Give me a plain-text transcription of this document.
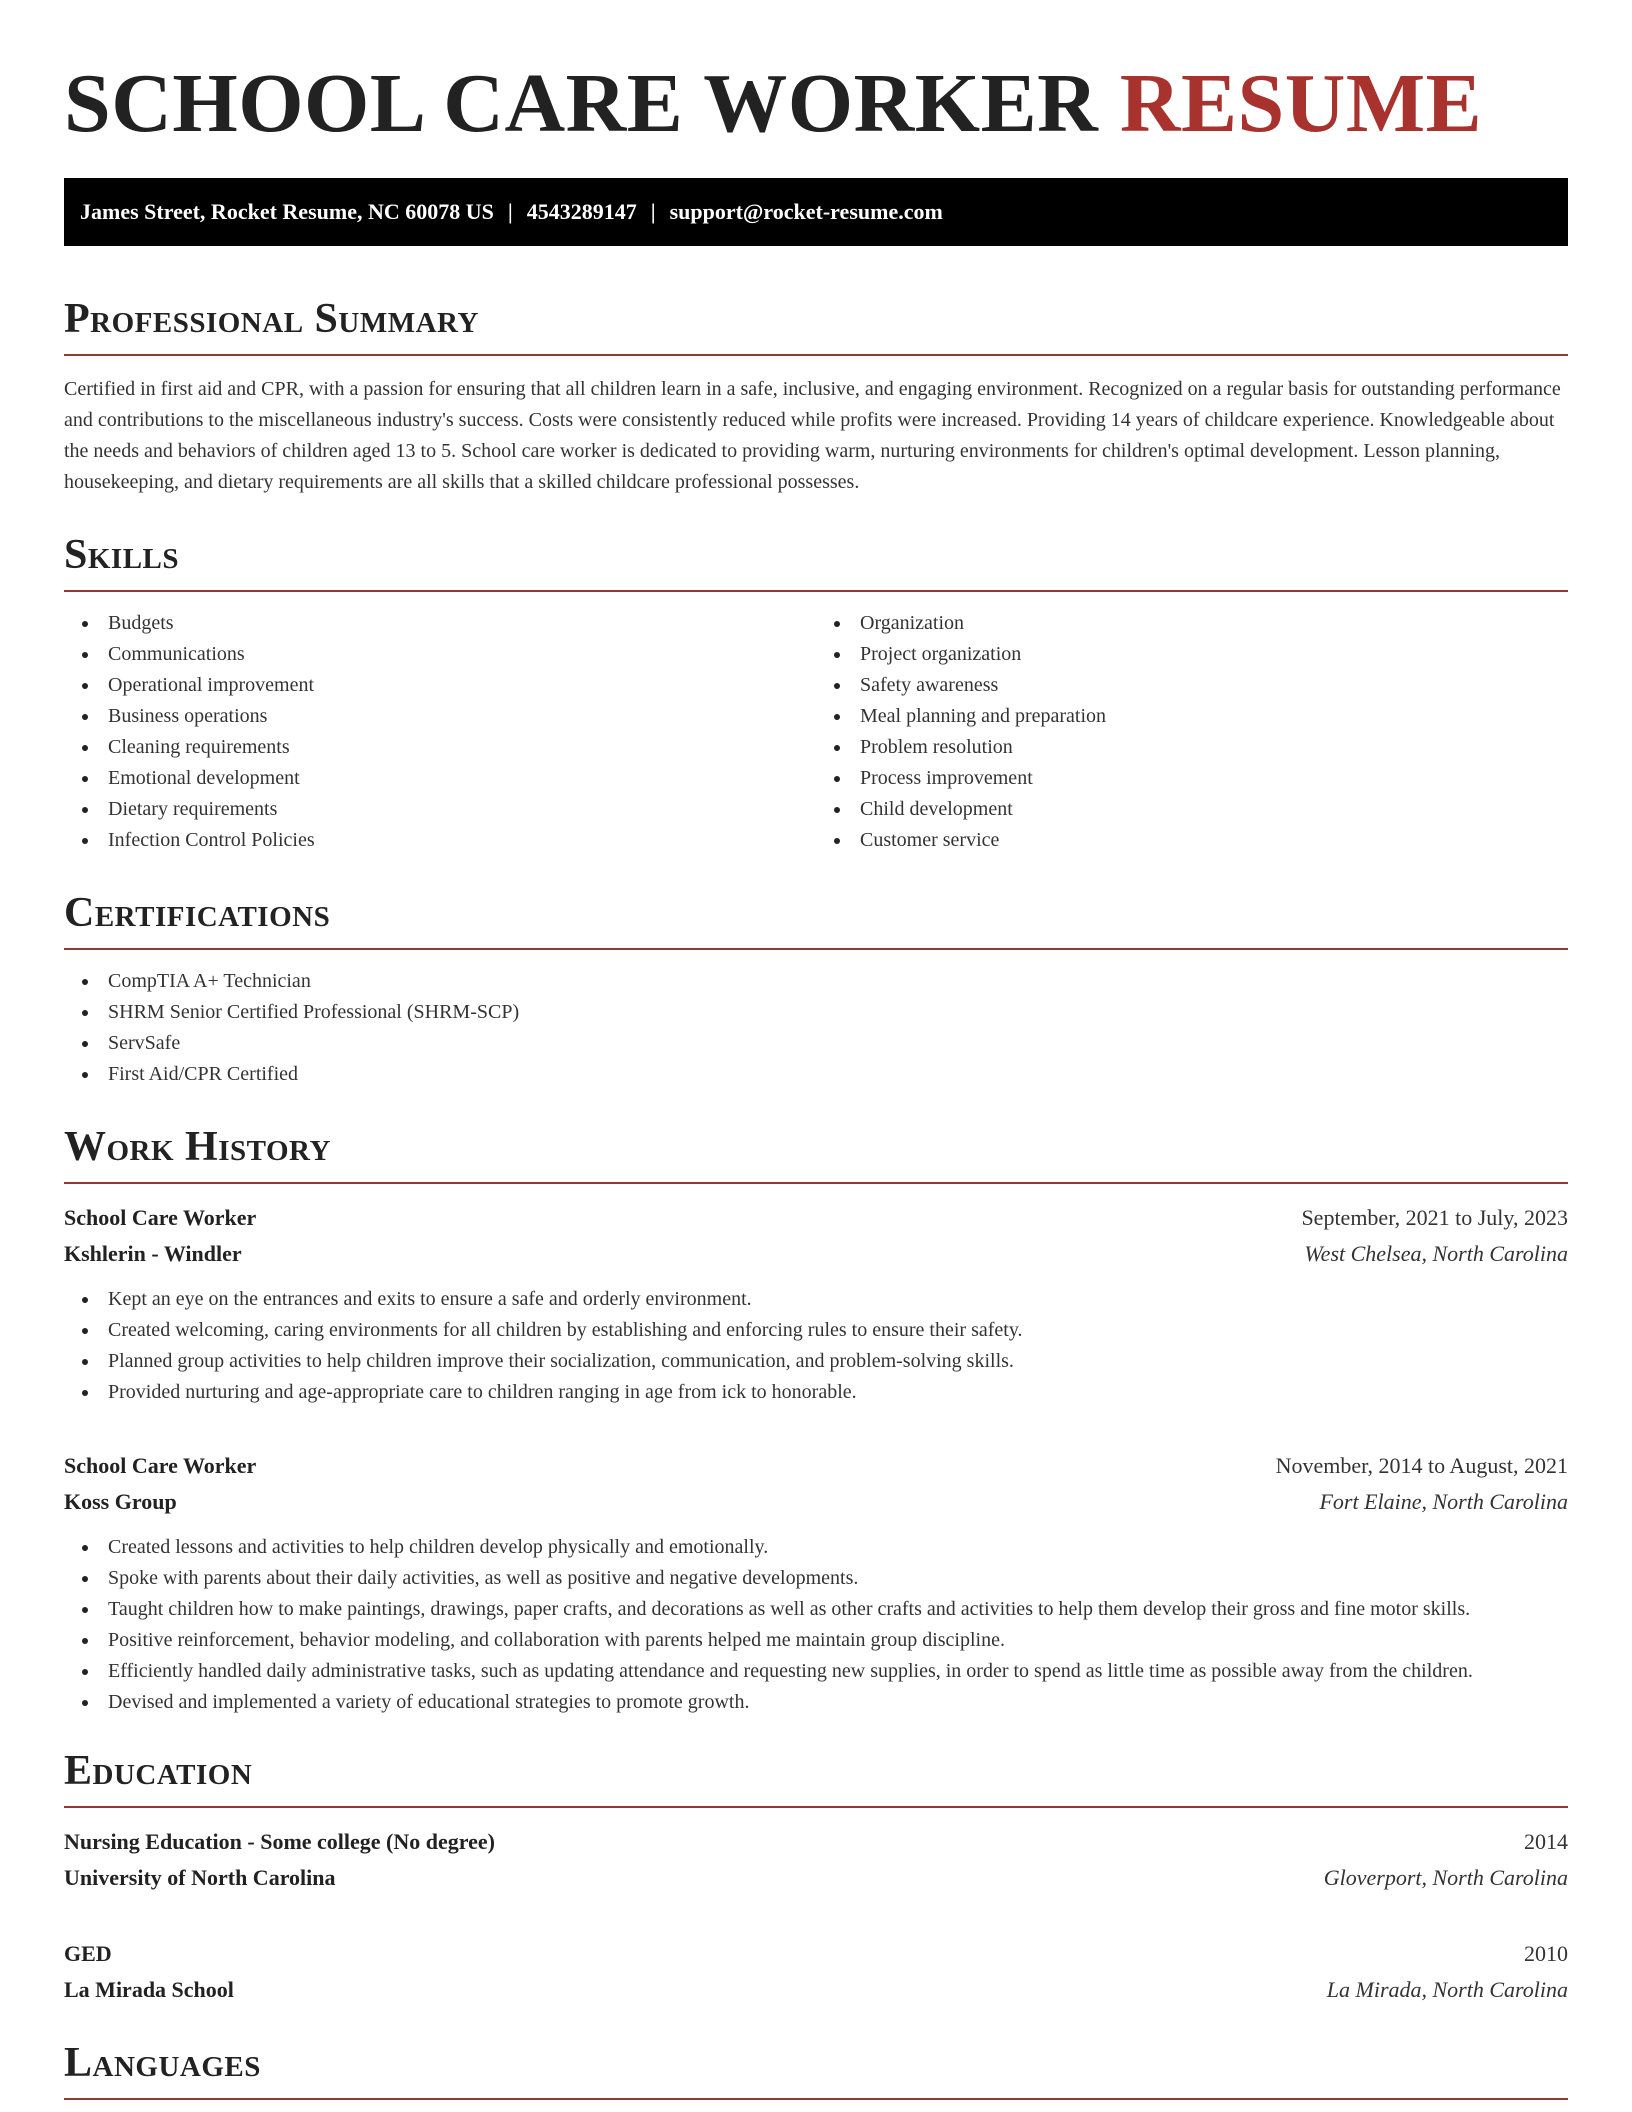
SCHOOL CARE WORKER RESUME
James Street, Rocket Resume, NC 60078 US | 4543289147 | support@rocket-resume.com
Professional Summary

Certified in first aid and CPR, with a passion for ensuring that all children learn in a safe, inclusive, and engaging environment. Recognized on a regular basis for outstanding performance and contributions to the miscellaneous industry's success. Costs were consistently reduced while profits were increased. Providing 14 years of childcare experience. Knowledgeable about the needs and behaviors of children aged 13 to 5. School care worker is dedicated to providing warm, nurturing environments for children's optimal development. Lesson planning, housekeeping, and dietary requirements are all skills that a skilled childcare professional possesses.

Skills
Budgets
Communications
Operational improvement
Business operations
Cleaning requirements
Emotional development
Dietary requirements
Infection Control Policies
Organization
Project organization
Safety awareness
Meal planning and preparation
Problem resolution
Process improvement
Child development
Customer service
Certifications
CompTIA A+ Technician
SHRM Senior Certified Professional (SHRM-SCP)
ServSafe
First Aid/CPR Certified
Work History
School Care Worker	September, 2021 to July, 2023
Kshlerin - Windler	West Chelsea, North Carolina
Kept an eye on the entrances and exits to ensure a safe and orderly environment.
Created welcoming, caring environments for all children by establishing and enforcing rules to ensure their safety.
Planned group activities to help children improve their socialization, communication, and problem-solving skills.
Provided nurturing and age-appropriate care to children ranging in age from ick to honorable.
School Care Worker	November, 2014 to August, 2021
Koss Group	Fort Elaine, North Carolina
Created lessons and activities to help children develop physically and emotionally.
Spoke with parents about their daily activities, as well as positive and negative developments.
Taught children how to make paintings, drawings, paper crafts, and decorations as well as other crafts and activities to help them develop their gross and fine motor skills.
Positive reinforcement, behavior modeling, and collaboration with parents helped me maintain group discipline.
Efficiently handled daily administrative tasks, such as updating attendance and requesting new supplies, in order to spend as little time as possible away from the children.
Devised and implemented a variety of educational strategies to promote growth.
Education
Nursing Education - Some college (No degree)	2014
University of North Carolina	Gloverport, North Carolina
GED	2010
La Mirada School	La Mirada, North Carolina
Languages
